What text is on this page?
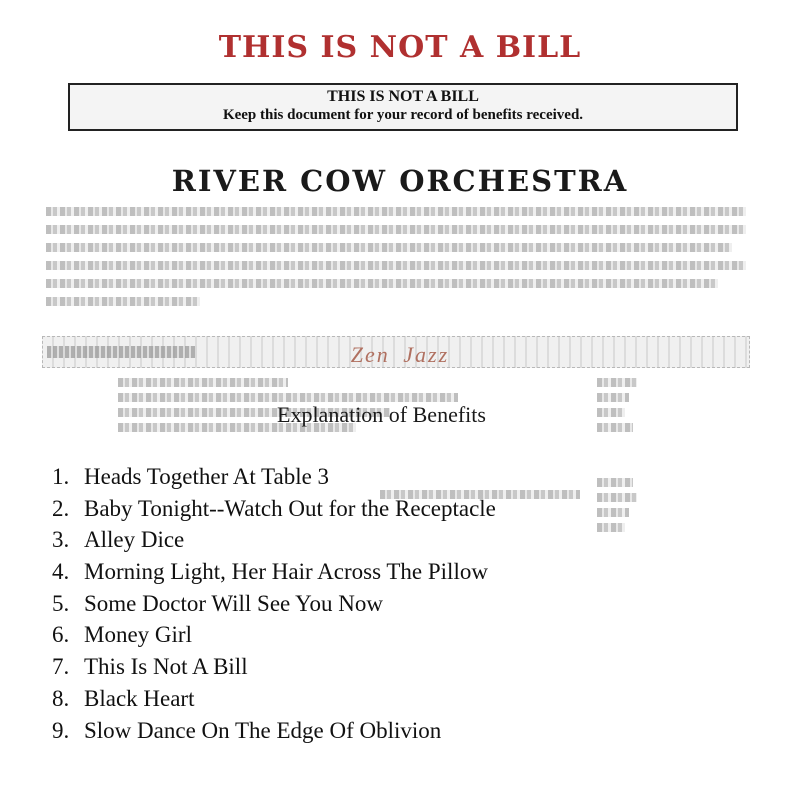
THIS IS NOT A BILL
THIS IS NOT A BILL
Keep this document for your record of benefits received.
RIVER COW ORCHESTRA
Zen Jazz
Explanation of Benefits
1. Heads Together At Table 3
2. Baby Tonight--Watch Out for the Receptacle
3. Alley Dice
4. Morning Light, Her Hair Across The Pillow
5. Some Doctor Will See You Now
6. Money Girl
7. This Is Not A Bill
8. Black Heart
9. Slow Dance On The Edge Of Oblivion
